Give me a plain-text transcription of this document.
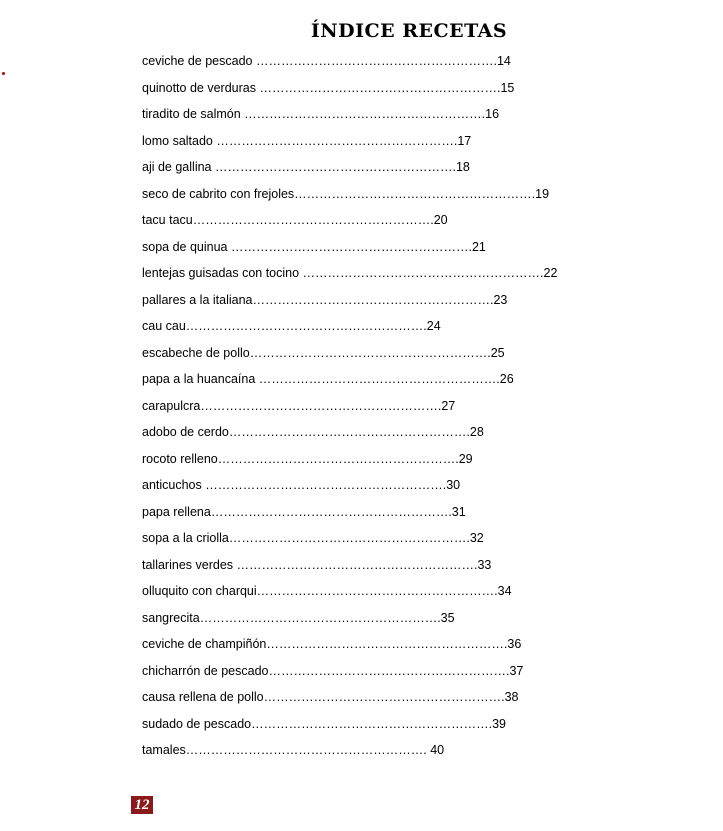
ÍNDICE RECETAS
ceviche de pescado ………………………………………………….14
quinotto de verduras ………………………………………………….15
tiradito de salmón ………………………………………………….16
lomo saltado ………………………………………………….17
aji de gallina ………………………………………………….18
seco de cabrito con frejoles………………………………………………….19
tacu tacu………………………………………………….20
sopa de quinua ………………………………………………….21
lentejas guisadas con tocino ………………………………………………….22
pallares a la italiana………………………………………………….23
cau cau………………………………………………….24
escabeche de pollo………………………………………………….25
papa a la huancaína ………………………………………………….26
carapulcra………………………………………………….27
adobo de cerdo………………………………………………….28
rocoto relleno………………………………………………….29
anticuchos ………………………………………………….30
papa rellena………………………………………………….31
sopa a la criolla………………………………………………….32
tallarines verdes ………………………………………………….33
olluquito con charqui………………………………………………….34
sangrecita………………………………………………….35
ceviche de champiñón………………………………………………….36
chicharrón de pescado………………………………………………….37
causa rellena de pollo………………………………………………….38
sudado de pescado………………………………………………….39
tamales…………………………………………………. 40
12
